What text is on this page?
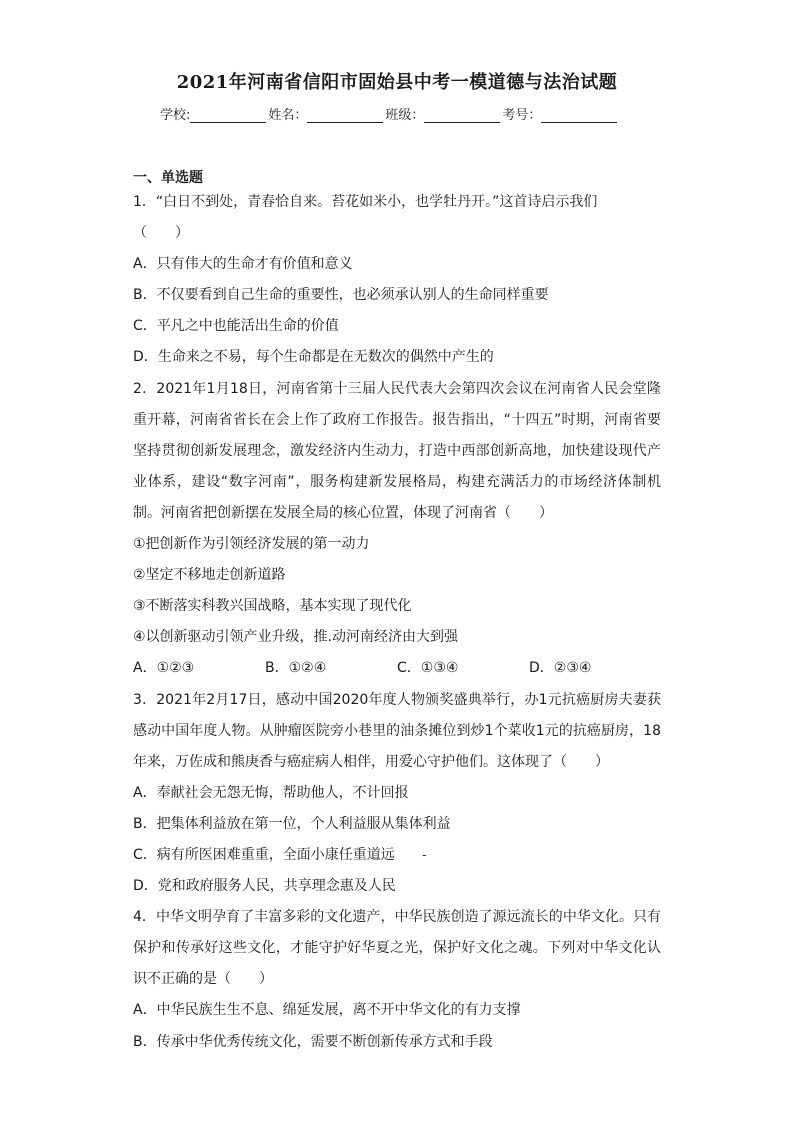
2021年河南省信阳市固始县中考一模道德与法治试题
学校:	姓名：	班级：	考号：
一、单选题

1．“白日不到处，青春恰自来。苔花如米小，也学牡丹开。”这首诗启示我们

（　　）

A．只有伟大的生命才有价值和意义

B．不仅要看到自己生命的重要性，也必须承认别人的生命同样重要

C．平凡之中也能活出生命的价值

D．生命来之不易，每个生命都是在无数次的偶然中产生的

2．2021年1月18日，河南省第十三届人民代表大会第四次会议在河南省人民会堂隆重开幕，河南省省长在会上作了政府工作报告。报告指出，“十四五”时期，河南省要坚持贯彻创新发展理念，激发经济内生动力，打造中西部创新高地，加快建设现代产业体系，建设“数字河南”，服务构建新发展格局，构建充满活力的市场经济体制机制。河南省把创新摆在发展全局的核心位置，体现了河南省（　　）

①把创新作为引领经济发展的第一动力

②坚定不移地走创新道路

③不断落实科教兴国战略，基本实现了现代化

④以创新驱动引领产业升级，推.动河南经济由大到强

A．①②③	B．①②④	C．①③④	D．②③④

3．2021年2月17日，感动中国2020年度人物颁奖盛典举行，办1元抗癌厨房夫妻获感动中国年度人物。从肿瘤医院旁小巷里的油条摊位到炒1个菜收1元的抗癌厨房，18年来，万佐成和熊庚香与癌症病人相伴，用爱心守护他们。这体现了（　　）

A．奉献社会无怨无悔，帮助他人，不计回报

B．把集体利益放在第一位，个人利益服从集体利益

C．病有所医困难重重，全面小康任重道远

D．党和政府服务人民，共享理念惠及人民

4．中华文明孕育了丰富多彩的文化遗产，中华民族创造了源远流长的中华文化。只有保护和传承好这些文化，才能守护好华夏之光，保护好文化之魂。下列对中华文化认识不正确的是（　　）

A．中华民族生生不息、绵延发展，离不开中华文化的有力支撑

B．传承中华优秀传统文化，需要不断创新传承方式和手段

-
